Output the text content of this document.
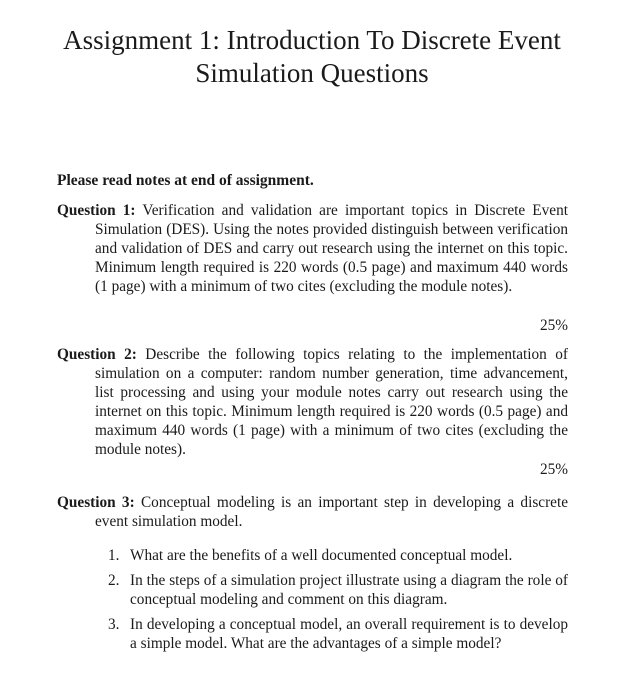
Assignment 1: Introduction To Discrete Event
Simulation Questions

Please read notes at end of assignment.

Question 1: Verification and validation are important topics in Discrete Event Simulation (DES). Using the notes provided distinguish between verification and validation of DES and carry out research using the internet on this topic. Minimum length required is 220 words (0.5 page) and maximum 440 words (1 page) with a minimum of two cites (excluding the module notes).

25%

Question 2: Describe the following topics relating to the implementation of simulation on a computer: random number generation, time advancement, list processing and using your module notes carry out research using the internet on this topic. Minimum length required is 220 words (0.5 page) and maximum 440 words (1 page) with a minimum of two cites (excluding the module notes).

25%

Question 3: Conceptual modeling is an important step in developing a discrete event simulation model.

1. What are the benefits of a well documented conceptual model.
2. In the steps of a simulation project illustrate using a diagram the role of conceptual modeling and comment on this diagram.
3. In developing a conceptual model, an overall requirement is to develop a simple model. What are the advantages of a simple model?
